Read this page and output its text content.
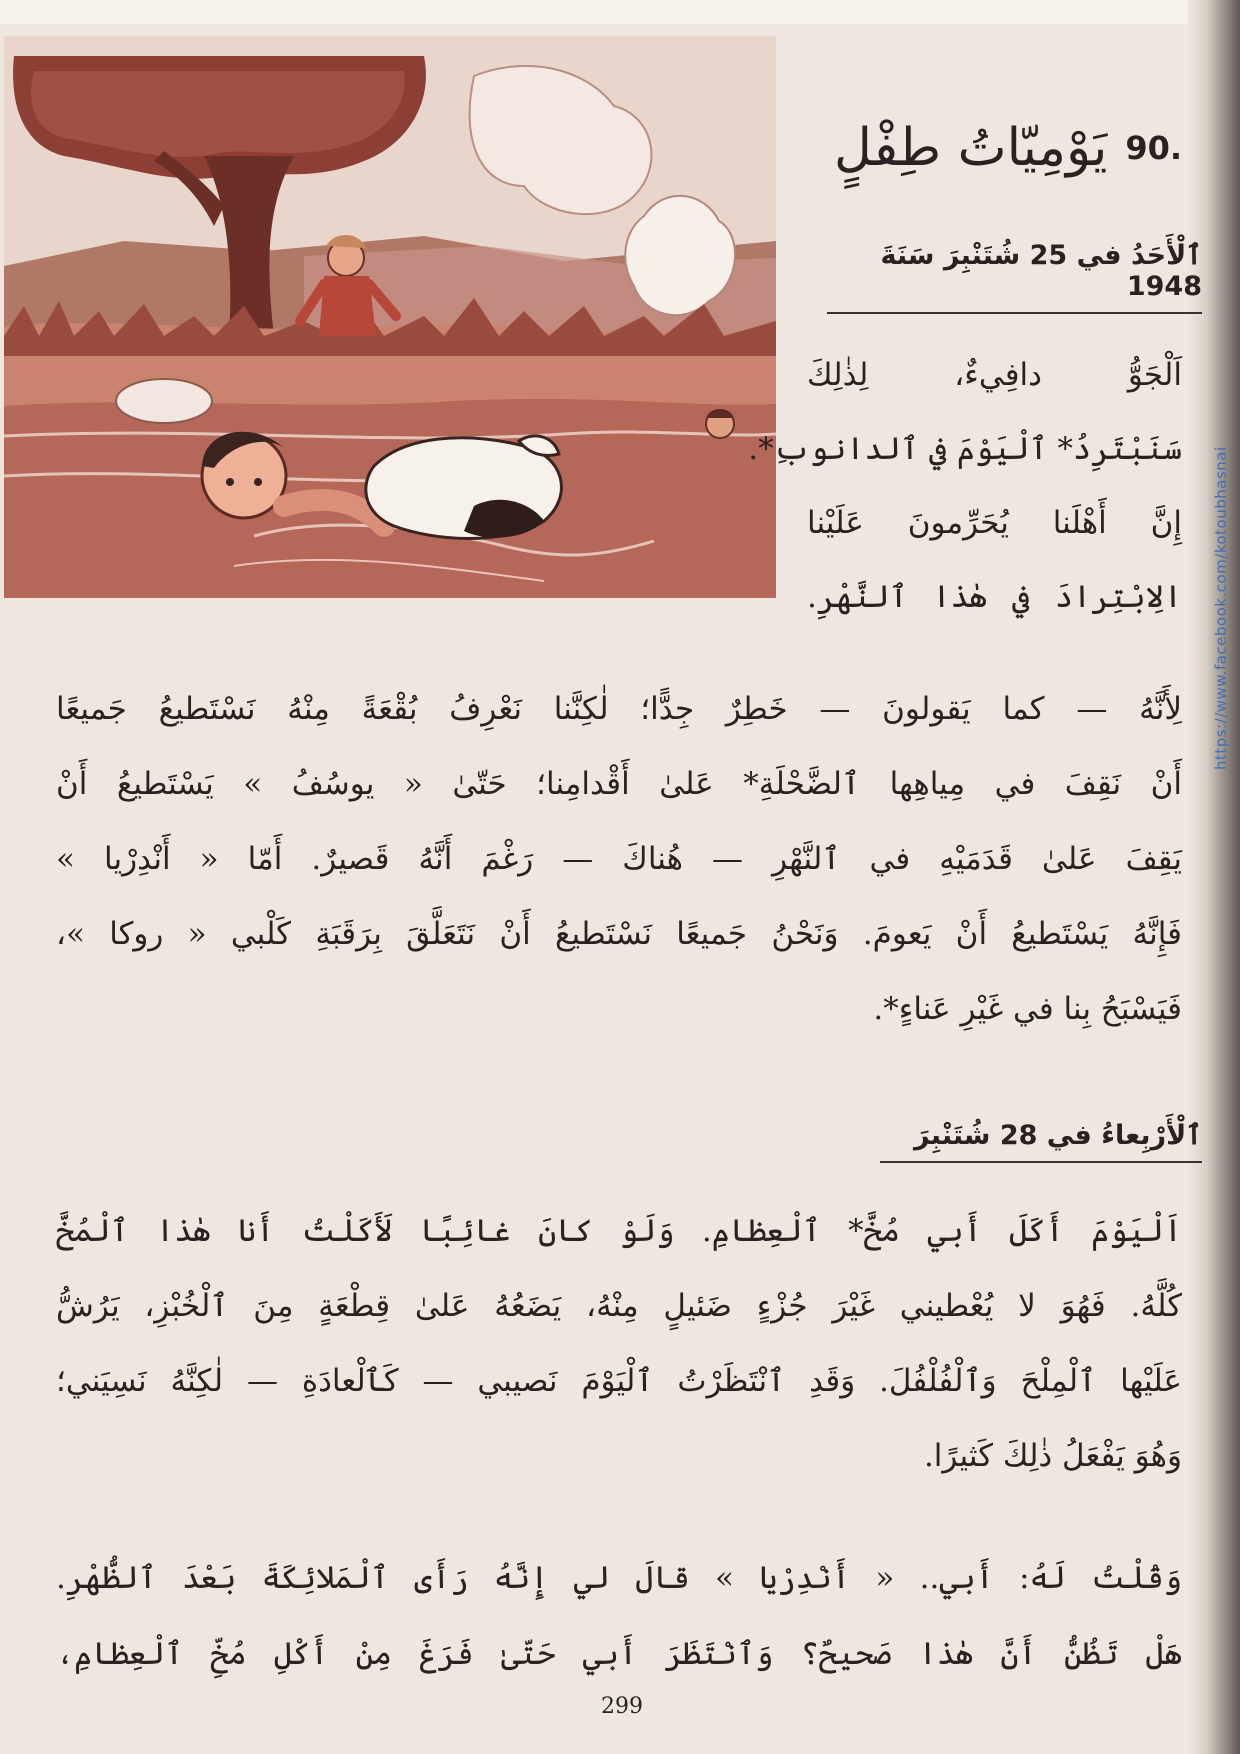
https://www.facebook.com/kotoubhasnai
90.
يَوْمِيّاتُ طِفْلٍ
ٱلْأَحَدُ في 25 شُتَنْبِرَ سَنَةَ 1948
اَلْجَوُّ دافِيءٌ، لِذٰلِكَ
سَنَبْتَرِدُ* ٱلْيَوْمَ في ٱلدانوبِ*.
إِنَّ أَهْلَنا يُحَرِّمونَ عَلَيْنا
الِابْتِرادَ في هٰذا ٱلنَّهْرِ.
لِأَنَّهُ — كما يَقولونَ — خَطِرٌ جِدًّا؛ لٰكِنَّنا نَعْرِفُ بُقْعَةً مِنْهُ نَسْتَطيعُ جَميعًا
أَنْ نَقِفَ في مِياهِها ٱلضَّحْلَةِ* عَلىٰ أَقْدامِنا؛ حَتّىٰ « يوسُفُ » يَسْتَطيعُ أَنْ
يَقِفَ عَلىٰ قَدَمَيْهِ في ٱلنَّهْرِ — هُناكَ — رَغْمَ أَنَّهُ قَصيرٌ. أَمّا « أَنْدِرْيا »
فَإِنَّهُ يَسْتَطيعُ أَنْ يَعومَ. وَنَحْنُ جَميعًا نَسْتَطيعُ أَنْ نَتَعَلَّقَ بِرَقَبَةِ كَلْبي « روكا »،
فَيَسْبَحُ بِنا في غَيْرِ عَناءٍ*.
ٱلْأَرْبِعاءُ في 28 شُتَنْبِرَ
اَلْيَوْمَ أَكَلَ أَبي مُخَّ* ٱلْعِظامِ. وَلَوْ كانَ غائِبًا لَأَكَلْتُ أَنا هٰذا ٱلْمُخَّ
كُلَّهُ. فَهُوَ لا يُعْطيني غَيْرَ جُزْءٍ ضَئيلٍ مِنْهُ، يَضَعُهُ عَلىٰ قِطْعَةٍ مِنَ ٱلْخُبْزِ، يَرُشُّ
عَلَيْها ٱلْمِلْحَ وَٱلْفُلْفُلَ. وَقَدِ ٱنْتَظَرْتُ ٱلْيَوْمَ نَصيبي — كَٱلْعادَةِ — لٰكِنَّهُ نَسِيَني؛
وَهُوَ يَفْعَلُ ذٰلِكَ كَثيرًا.
وَقُلْتُ لَهُ: أَبي.. « أَنْدِرْيا » قالَ لي إِنَّهُ رَأَى ٱلْمَلائِكَةَ بَعْدَ ٱلظُّهْرِ.
هَلْ تَظُنُّ أَنَّ هٰذا صَحيحٌ؟ وَٱنْتَظَرَ أَبي حَتّىٰ فَرَغَ مِنْ أَكْلِ مُخِّ ٱلْعِظامِ،
299
